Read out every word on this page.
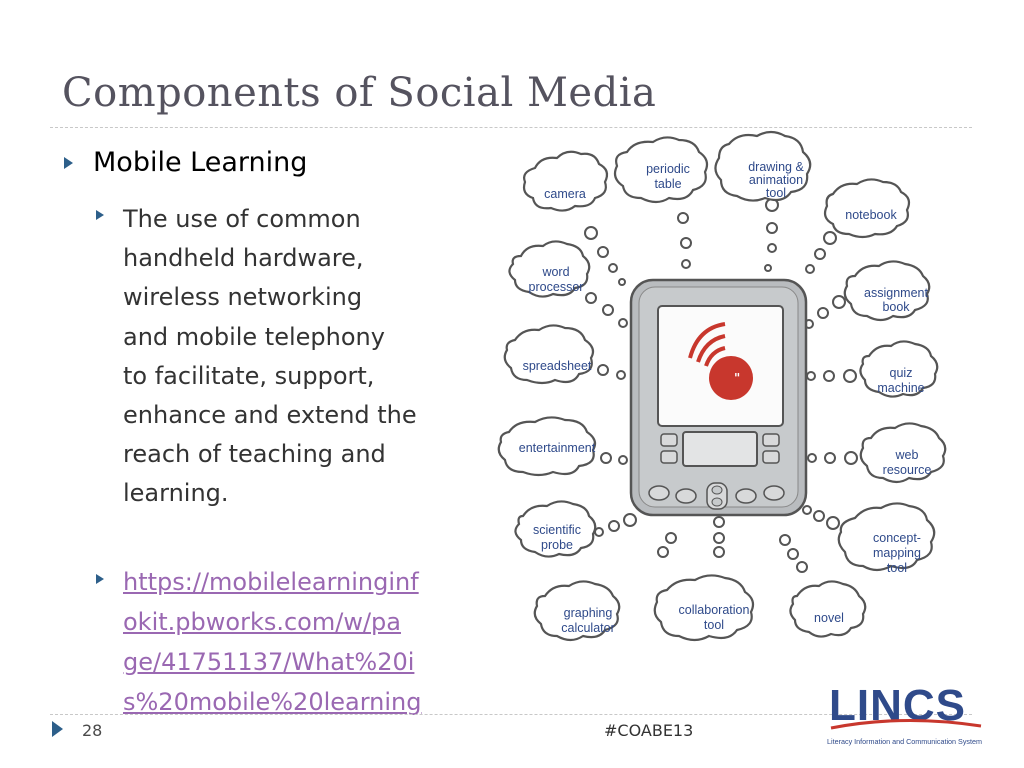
Components of Social Media
Mobile Learning
The use of common
handheld hardware,
wireless networking
and mobile telephony
to facilitate, support,
enhance and extend the
reach of teaching and
learning.
https://mobilelearninginf
okit.pbworks.com/w/pa
ge/41751137/What%20i
s%20mobile%20learning
"
camera
periodic
table
drawing &
animation
tool
notebook
word
processor	assignment
book
spreadsheet	quiz
machine
entertainment	web
resource
scientific
probe	concept-
mapping
tool
graphing
calculator
collaboration
tool	novel
28	#COABE13
LINCS
Literacy Information and Communication System
